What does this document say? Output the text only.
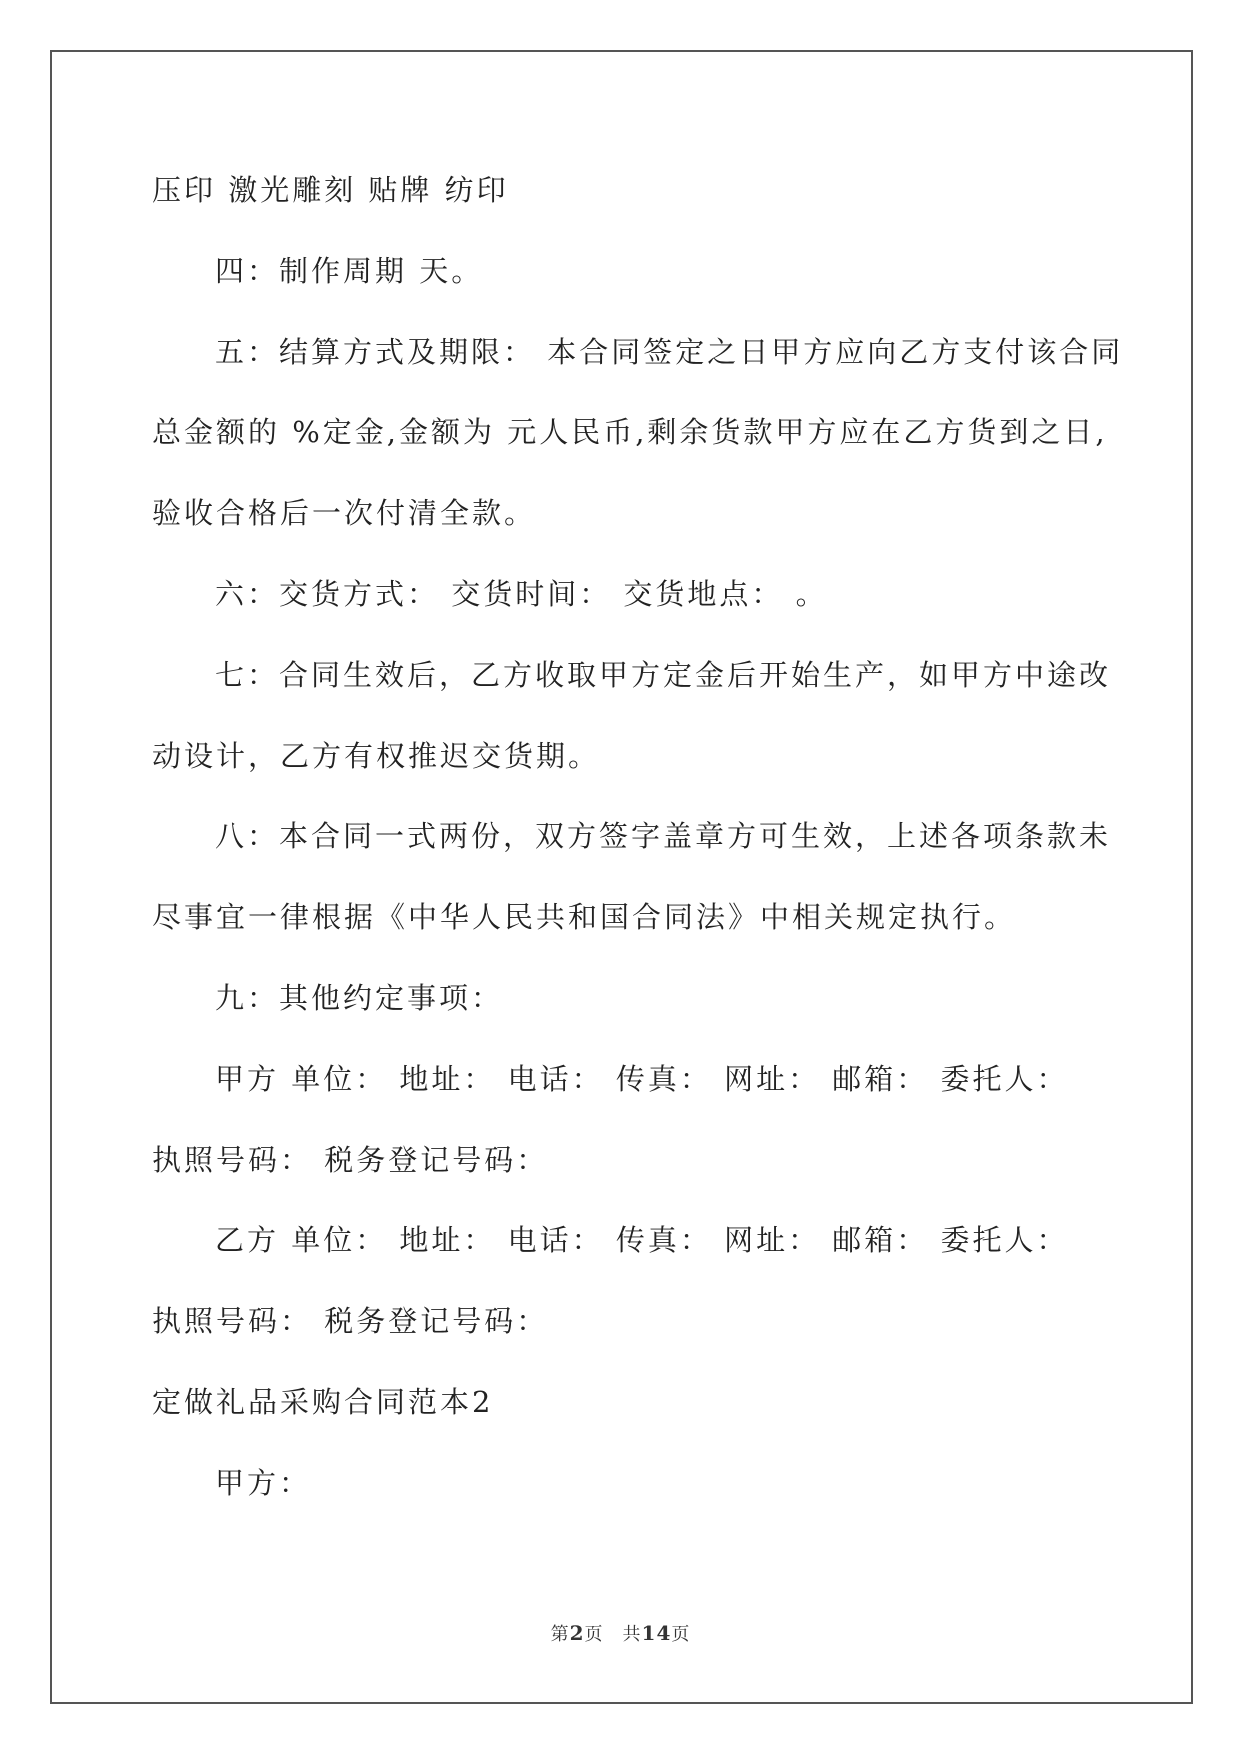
压印 激光雕刻 贴牌 纺印
四：制作周期 天。
五：结算方式及期限： 本合同签定之日甲方应向乙方支付该合同
总金额的 %定金,金额为 元人民币,剩余货款甲方应在乙方货到之日,
验收合格后一次付清全款。
六：交货方式： 交货时间： 交货地点： 。
七：合同生效后，乙方收取甲方定金后开始生产，如甲方中途改
动设计，乙方有权推迟交货期。
八：本合同一式两份，双方签字盖章方可生效，上述各项条款未
尽事宜一律根据《中华人民共和国合同法》中相关规定执行。
九：其他约定事项：
甲方 单位： 地址： 电话： 传真： 网址： 邮箱： 委托人：
执照号码： 税务登记号码：
乙方 单位： 地址： 电话： 传真： 网址： 邮箱： 委托人：
执照号码： 税务登记号码：
定做礼品采购合同范本2
甲方：
第2页　共14页
